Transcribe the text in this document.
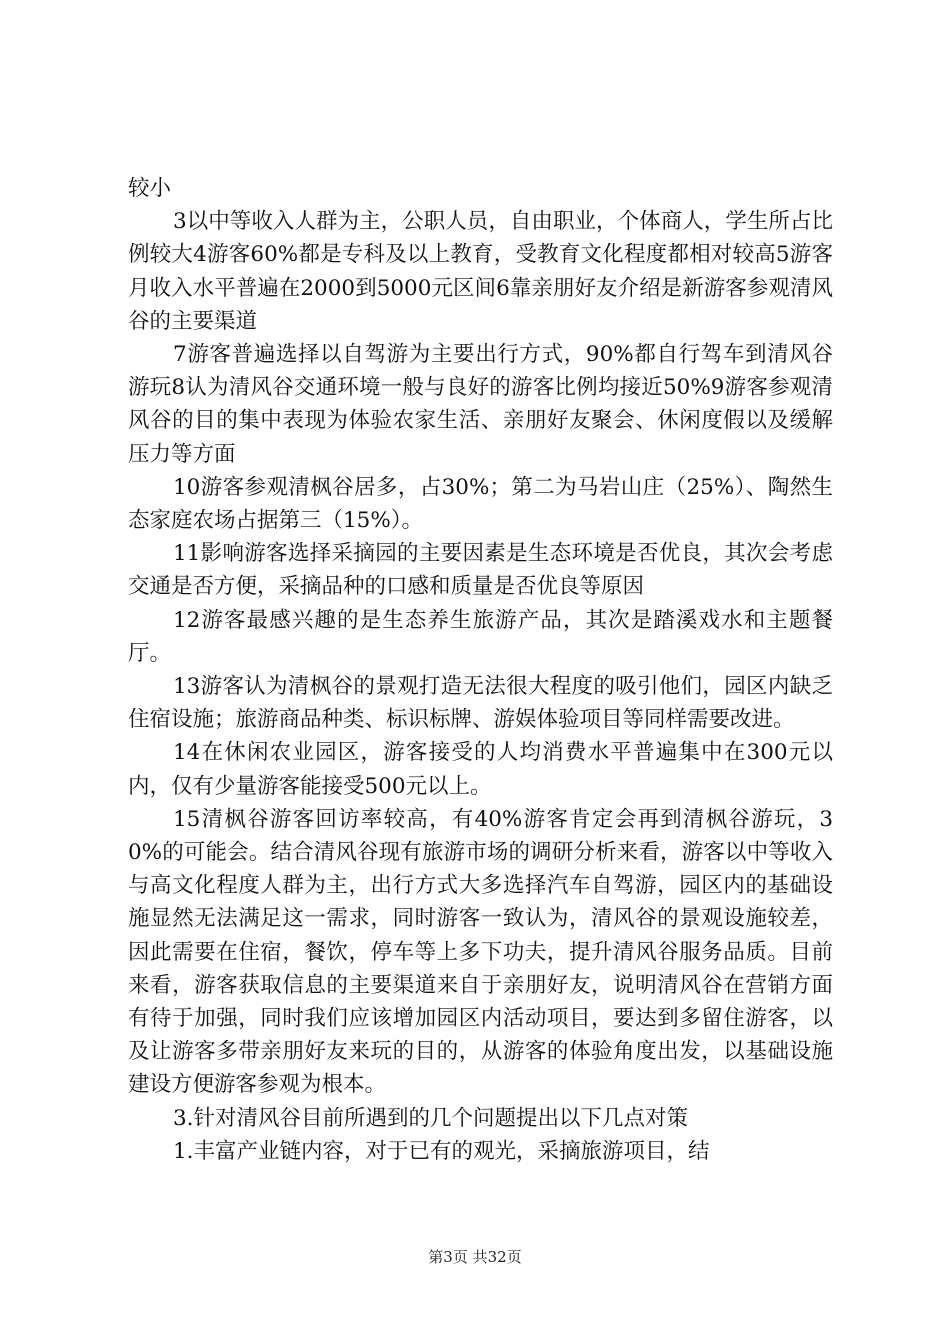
较小

3以中等收入人群为主，公职人员，自由职业，个体商人，学生所占比例较大4游客60%都是专科及以上教育，受教育文化程度都相对较高5游客月收入水平普遍在2000到5000元区间6靠亲朋好友介绍是新游客参观清风谷的主要渠道

7游客普遍选择以自驾游为主要出行方式，90%都自行驾车到清风谷游玩8认为清风谷交通环境一般与良好的游客比例均接近50%9游客参观清风谷的目的集中表现为体验农家生活、亲朋好友聚会、休闲度假以及缓解压力等方面

10游客参观清枫谷居多，占30%；第二为马岩山庄（25%）、陶然生态家庭农场占据第三（15%）。

11影响游客选择采摘园的主要因素是生态环境是否优良，其次会考虑交通是否方便，采摘品种的口感和质量是否优良等原因

12游客最感兴趣的是生态养生旅游产品，其次是踏溪戏水和主题餐厅。

13游客认为清枫谷的景观打造无法很大程度的吸引他们，园区内缺乏住宿设施；旅游商品种类、标识标牌、游娱体验项目等同样需要改进。

14在休闲农业园区，游客接受的人均消费水平普遍集中在300元以内，仅有少量游客能接受500元以上。

15清枫谷游客回访率较高，有40%游客肯定会再到清枫谷游玩，30%的可能会。结合清风谷现有旅游市场的调研分析来看，游客以中等收入与高文化程度人群为主，出行方式大多选择汽车自驾游，园区内的基础设施显然无法满足这一需求，同时游客一致认为，清风谷的景观设施较差，因此需要在住宿，餐饮，停车等上多下功夫，提升清风谷服务品质。目前来看，游客获取信息的主要渠道来自于亲朋好友，说明清风谷在营销方面有待于加强，同时我们应该增加园区内活动项目，要达到多留住游客，以及让游客多带亲朋好友来玩的目的，从游客的体验角度出发，以基础设施建设方便游客参观为根本。

3.针对清风谷目前所遇到的几个问题提出以下几点对策

1.丰富产业链内容，对于已有的观光，采摘旅游项目，结

第3页 共32页
